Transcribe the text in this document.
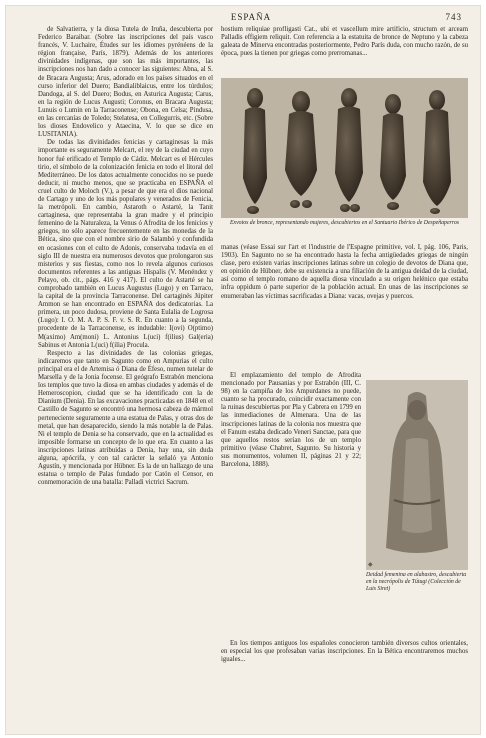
ESPAÑA	743

de Salvatierra, y la diosa Tutela de Iruña, descubierta por Federico Baraibar. (Sobre las inscripciones del país vasco francés, V. Luchaire, Études sur les idiomes pyrénéens de la région française, París, 1879). Además de los anteriores divinidades indígenas, que son las más importantes, las inscripciones nos han dado a conocer las siguientes: Abna, al S. de Bracara Augusta; Arus, adorado en los países situados en el curso inferior del Duero; Bandialiblaicus, entre los túrdulos; Dandoga, al S. del Duero; Bodus, en Asturica Augusta; Carus, en la región de Lucus Augusti; Coronus, en Bracara Augusta; Lunuis o Lumin en la Tarraconense; Obona, en Celsa; Pindusa, en las cercanías de Toledo; Stelatesa, en Collegurris, etc. (Sobre los dioses Endovelico y Ataecina, V. lo que se dice en LUSITANIA).

De todas las divinidades fenicias y cartaginesas la más importante es seguramente Melcart, el rey de la ciudad en cuyo honor fué erificado el Templo de Cádiz. Melcart es el Hércules tirio, el símbolo de la colonización fenicia en todo el litoral del Mediterráneo. De los datos actualmente conocidos no se puede deducir, ni mucho menos, que se practicaba en ESPAÑA el cruel culto de Moloch (V.), a pesar de que era el dios nacional de Cartago y uno de los más populares y venerados de Fenicia, la metrópoli. En cambio, Astaroth o Astarté, la Tanit cartaginesa, que representaba la gran madre y el principio femenino de la Naturaleza, la Venus ó Afrodita de los fenicios y griegos, no sólo aparece frecuentemente en las monedas de la Bética, sino que con el nombre sirio de Salambó y confundida en ocasiones con el culto de Adonis, conservaba todavía en el siglo III de nuestra era numerosos devotos que prolongaron sus misterios y sus fiestas, como nos lo revela algunos curiosos documentos referentes a las antiguas Hispalis (V. Menéndez y Pelayo, ob. cit., págs. 416 y 417). El culto de Astarté se ha comprobado también en Lucus Augustus (Lugo) y en Tarraco, la capital de la provincia Tarraconense. Del cartaginés Júpiter Ammon se han encontrado en ESPAÑA dos dedicatorias. La primera, un poco dudosa, proviene de Santa Eulalia de Logrosa (Lugo): I. O. M. A. P. S. F. v. S. R. En cuanto a la segunda, procedente de la Tarraconense, es indudable: I(ovi) O(ptimo) M(aximo) Am(moni) L. Antonius L(uci) f(ilius) Gal(eria) Sabinus et Antonia L(uci) f(ilia) Procula.

Respecto a las divinidades de las colonias griegas, indicaremos que tanto en Sagunto como en Ampurias el culto principal era el de Artemisa ó Diana de Éfeso, numen tutelar de Marsella y de la Jonia focense. El geógrafo Estrabón menciona los templos que tuvo la diosa en ambas ciudades y además el de Hemeroscopion, ciudad que se ha identificado con la de Dianium (Denia). En las excavaciones practicadas en 1848 en el Castillo de Sagunto se encontró una hermosa cabeza de mármol perteneciente seguramente a una estatua de Palas, y otras dos de metal, que han desaparecido, siendo la más notable la de Palas. Ni el templo de Denia se ha conservado, que en la actualidad es imposible formarse un concepto de lo que era. En cuanto a las inscripciones latinas atribuidas a Denia, hay una, sin duda alguna, apócrifa, y con tal carácter la señaló ya Antonio Agustín, y mencionada por Hübner. Es la de un hallazgo de una estatua o templo de Palas fundado por Catón el Censor, en conmemoración de una batalla: Palladi victrici Sacrum.

hostium reliquiae profligasti Cat., ubi et vascellum mire artificio, structum et arceam Palladis effigiem reliquit. Con referencia a la estatuita de bronce de Neptuno y la cabeza galeata de Minerva encontradas posteriormente, Pedro París duda, con mucho razón, de su época, pues la tienen por griegas como prerromanas...

Exvotos de bronce, representando mujeres, descubiertos en el Santuario Ibérico de Despeñaperros

manas (véase Essai sur l'art et l'industrie de l'Espagne primitive, vol. I, pág. 106, Paris, 1903). En Sagunto no se ha encontrado hasta la fecha antigüedades griegas de ningún clase, pero existen varias inscripciones latinas sobre un colegio de devotos de Diana que, en opinión de Hübner, debe su existencia a una filiación de la antigua deidad de la ciudad, así como el templo romano de aquella diosa vinculado a su origen helénico que estaba infra oppidum ó parte superior de la población actual. En unas de las inscripciones se enumeraban las víctimas sacrificadas a Diana: vacas, ovejas y puercos.

El emplazamiento del templo de Afrodita mencionado por Pausanias y por Estrabón (III, C. 98) en la campiña de los Ampurdanes no puede, cuanto se ha procurado, coincidir exactamente con la ruinas descubiertas por Pla y Cabrera en 1799 en las inmediaciones de Almenara. Una de las inscripciones latinas de la colonia nos muestra que el Fanum estaba dedicado Veneri Sanctae, para que que aquellos restos serían los de un templo primitivo (véase Chabret, Sagunto. Su historia y sus monumentos, volumen II, páginas 21 y 22; Barcelona, 1888).

◆
Deidad femenina en alabastro, descubierta en la necrópolis de Tútugi (Colección de Luis Siret)

En los tiempos antiguos los españoles conocieron también diversos cultos orientales, en especial los que profesaban varias inscripciones. En la Bética encontraremos muchos iguales...
